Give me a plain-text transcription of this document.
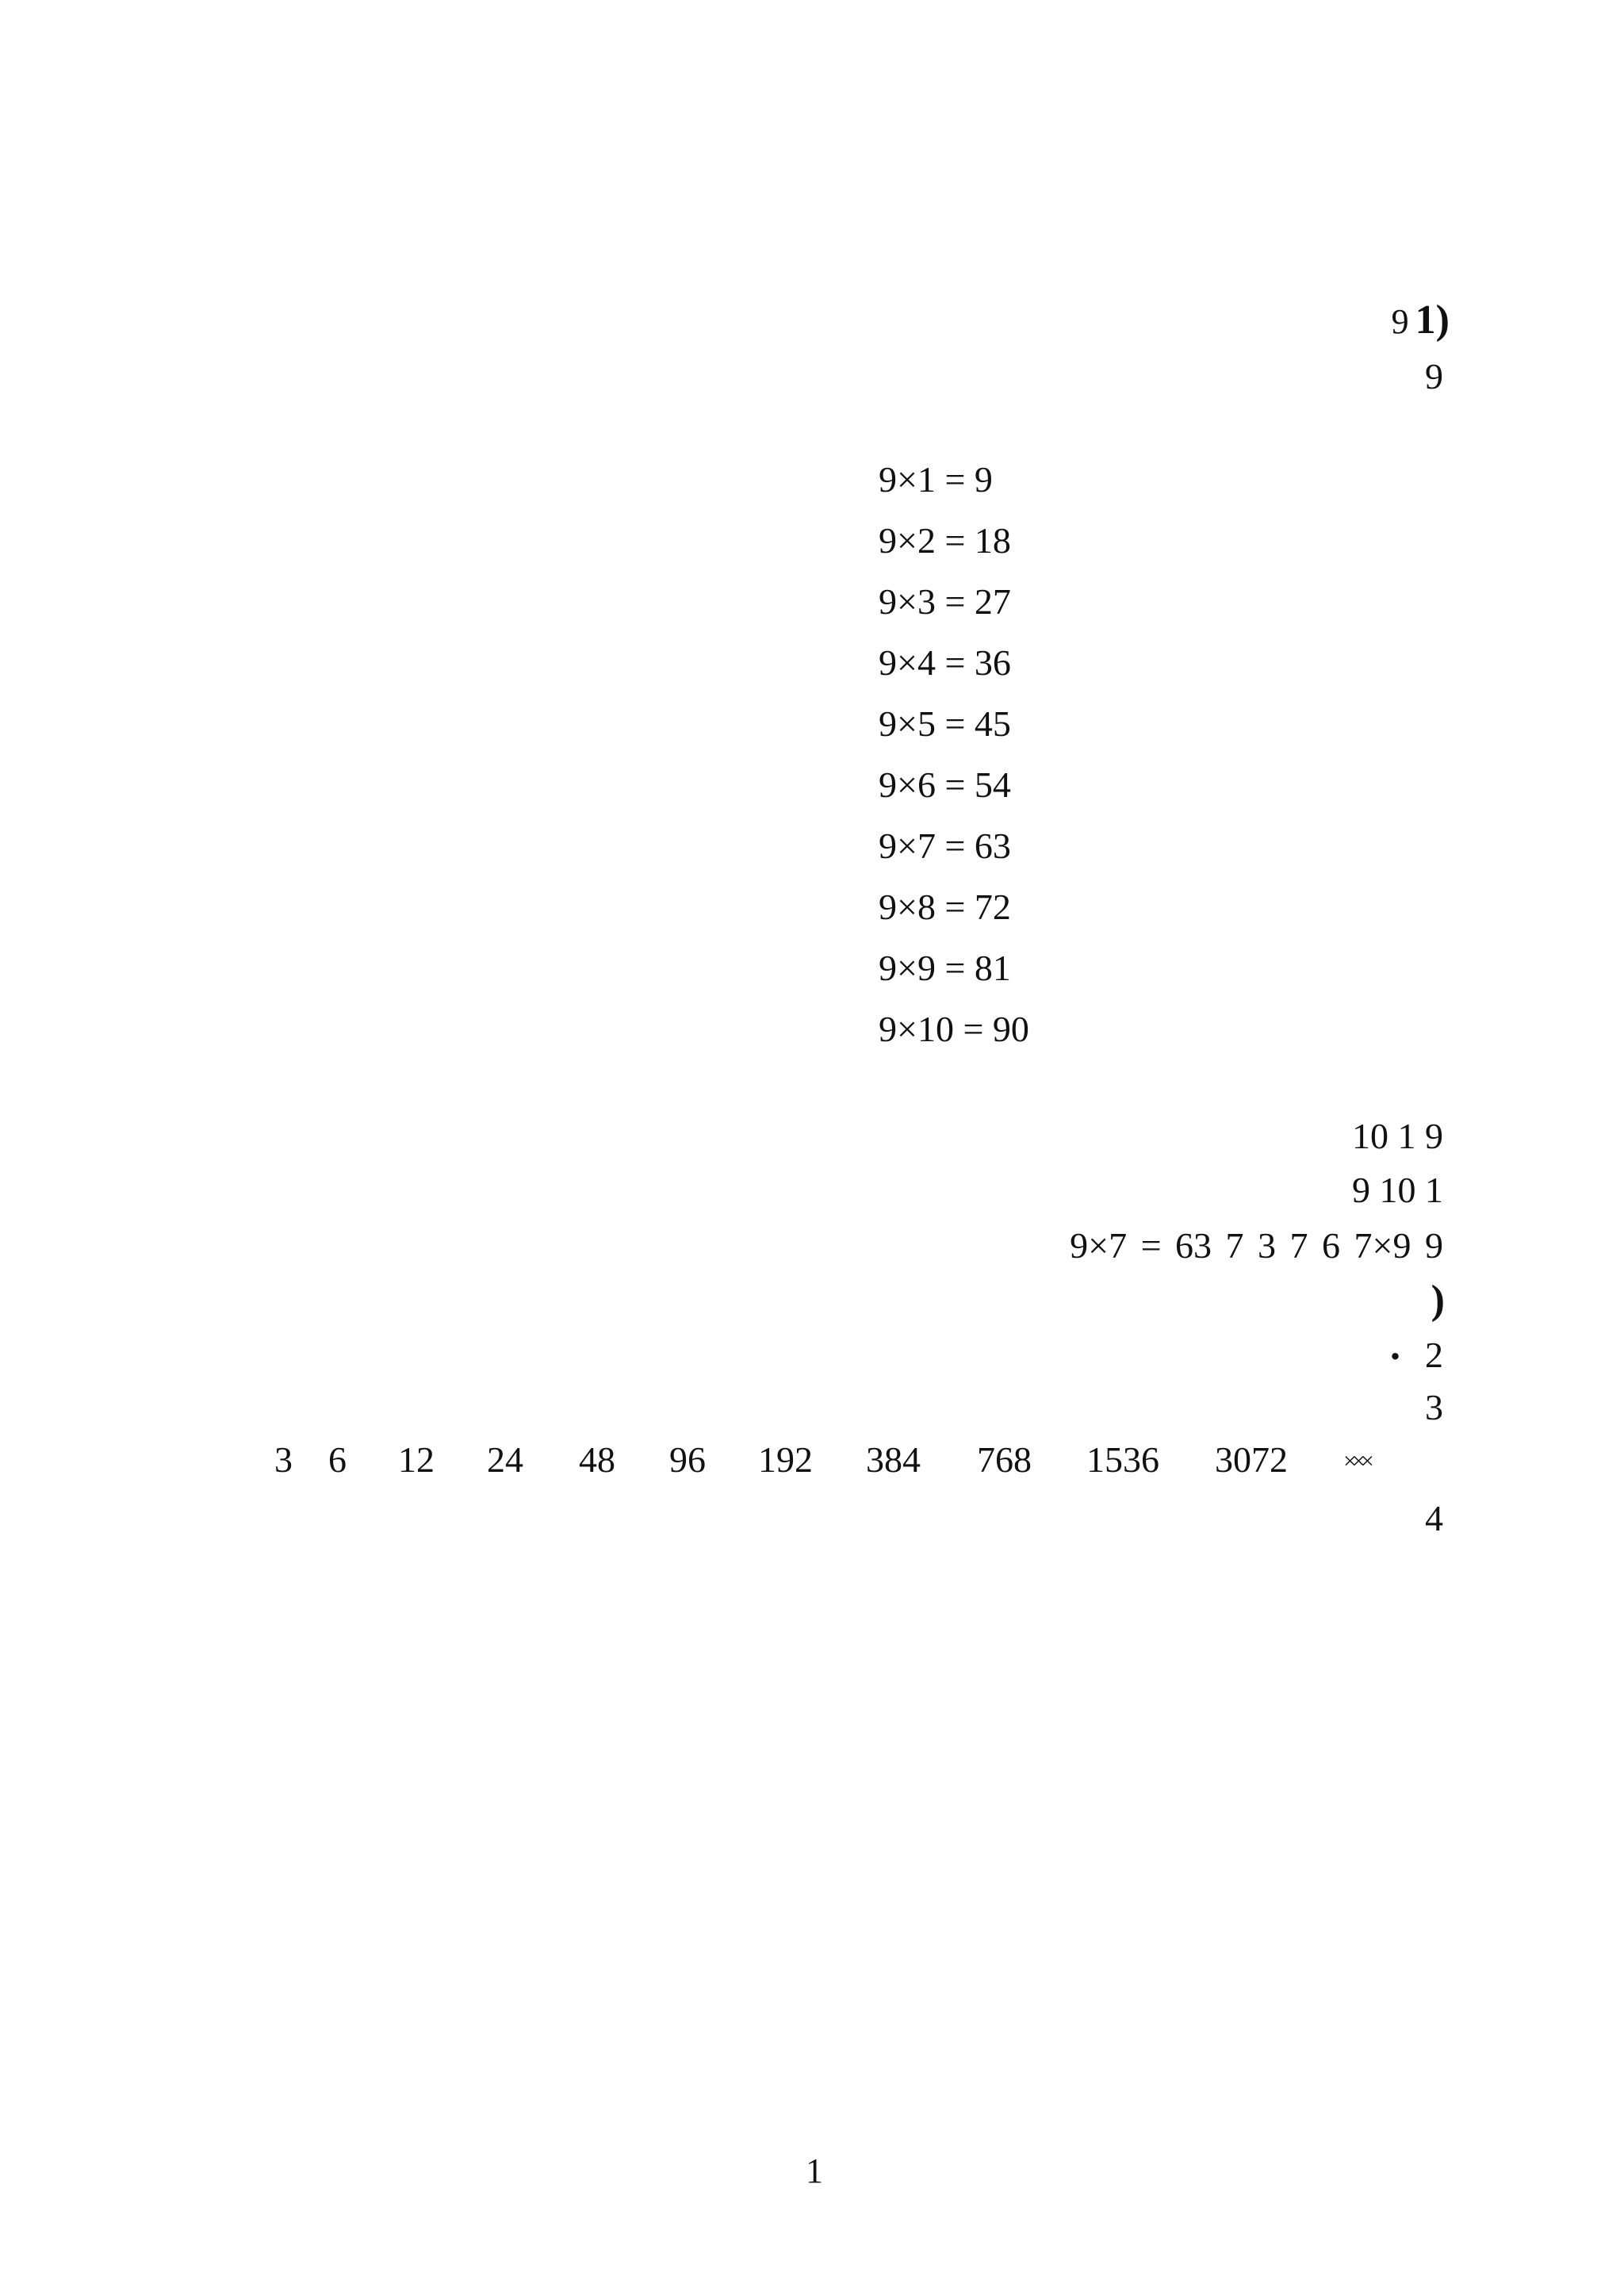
9 1)
9
9×1 = 9
9×2 = 18
9×3 = 27
9×4 = 36
9×5 = 45
9×6 = 54
9×7 = 63
9×8 = 72
9×9 = 81
9×10 = 90
10 1 9
9 10 1
9×7 = 63 7 3 7 6 7×9 9
)
. 2
3
3 6 12 24 48 96 192 384 768 1536 3072 ×××
4
1
